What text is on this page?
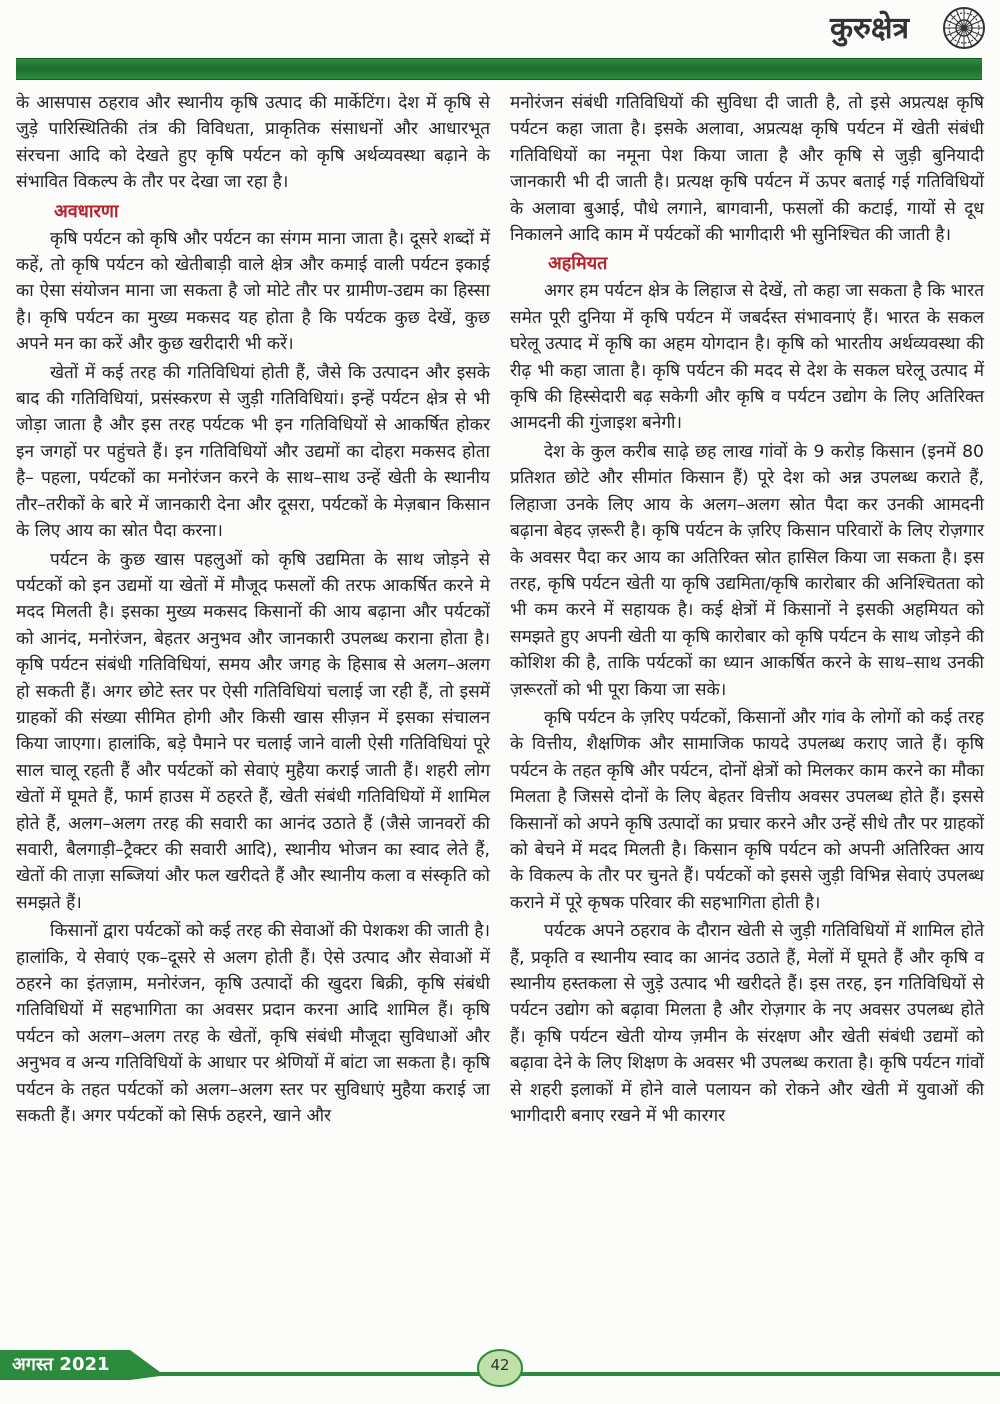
कुरुक्षेत्र

के आसपास ठहराव और स्थानीय कृषि उत्पाद की मार्केटिंग। देश में कृषि से जुड़े पारिस्थितिकी तंत्र की विविधता, प्राकृतिक संसाधनों और आधारभूत संरचना आदि को देखते हुए कृषि पर्यटन को कृषि अर्थव्यवस्था बढ़ाने के संभावित विकल्प के तौर पर देखा जा रहा है।

अवधारणा

कृषि पर्यटन को कृषि और पर्यटन का संगम माना जाता है। दूसरे शब्दों में कहें, तो कृषि पर्यटन को खेतीबाड़ी वाले क्षेत्र और कमाई वाली पर्यटन इकाई का ऐसा संयोजन माना जा सकता है जो मोटे तौर पर ग्रामीण-उद्यम का हिस्सा है। कृषि पर्यटन का मुख्य मकसद यह होता है कि पर्यटक कुछ देखें, कुछ अपने मन का करें और कुछ खरीदारी भी करें।

खेतों में कई तरह की गतिविधियां होती हैं, जैसे कि उत्पादन और इसके बाद की गतिविधियां, प्रसंस्करण से जुड़ी गतिविधियां। इन्हें पर्यटन क्षेत्र से भी जोड़ा जाता है और इस तरह पर्यटक भी इन गतिविधियों से आकर्षित होकर इन जगहों पर पहुंचते हैं। इन गतिविधियों और उद्यमों का दोहरा मकसद होता है– पहला, पर्यटकों का मनोरंजन करने के साथ–साथ उन्हें खेती के स्थानीय तौर–तरीकों के बारे में जानकारी देना और दूसरा, पर्यटकों के मेज़बान किसान के लिए आय का स्रोत पैदा करना।

पर्यटन के कुछ खास पहलुओं को कृषि उद्यमिता के साथ जोड़ने से पर्यटकों को इन उद्यमों या खेतों में मौजूद फसलों की तरफ आकर्षित करने मे मदद मिलती है। इसका मुख्य मकसद किसानों की आय बढ़ाना और पर्यटकों को आनंद, मनोरंजन, बेहतर अनुभव और जानकारी उपलब्ध कराना होता है। कृषि पर्यटन संबंधी गतिविधियां, समय और जगह के हिसाब से अलग–अलग हो सकती हैं। अगर छोटे स्तर पर ऐसी गतिविधियां चलाई जा रही हैं, तो इसमें ग्राहकों की संख्या सीमित होगी और किसी खास सीज़न में इसका संचालन किया जाएगा। हालांकि, बड़े पैमाने पर चलाई जाने वाली ऐसी गतिविधियां पूरे साल चालू रहती हैं और पर्यटकों को सेवाएं मुहैया कराई जाती हैं। शहरी लोग खेतों में घूमते हैं, फार्म हाउस में ठहरते हैं, खेती संबंधी गतिविधियों में शामिल होते हैं, अलग–अलग तरह की सवारी का आनंद उठाते हैं (जैसे जानवरों की सवारी, बैलगाड़ी–ट्रैक्टर की सवारी आदि), स्थानीय भोजन का स्वाद लेते हैं, खेतों की ताज़ा सब्जियां और फल खरीदते हैं और स्थानीय कला व संस्कृति को समझते हैं।

किसानों द्वारा पर्यटकों को कई तरह की सेवाओं की पेशकश की जाती है। हालांकि, ये सेवाएं एक–दूसरे से अलग होती हैं। ऐसे उत्पाद और सेवाओं में ठहरने का इंतज़ाम, मनोरंजन, कृषि उत्पादों की खुदरा बिक्री, कृषि संबंधी गतिविधियों में सहभागिता का अवसर प्रदान करना आदि शामिल हैं। कृषि पर्यटन को अलग–अलग तरह के खेतों, कृषि संबंधी मौजूदा सुविधाओं और अनुभव व अन्य गतिविधियों के आधार पर श्रेणियों में बांटा जा सकता है। कृषि पर्यटन के तहत पर्यटकों को अलग–अलग स्तर पर सुविधाएं मुहैया कराई जा सकती हैं। अगर पर्यटकों को सिर्फ ठहरने, खाने और

मनोरंजन संबंधी गतिविधियों की सुविधा दी जाती है, तो इसे अप्रत्यक्ष कृषि पर्यटन कहा जाता है। इसके अलावा, अप्रत्यक्ष कृषि पर्यटन में खेती संबंधी गतिविधियों का नमूना पेश किया जाता है और कृषि से जुड़ी बुनियादी जानकारी भी दी जाती है। प्रत्यक्ष कृषि पर्यटन में ऊपर बताई गई गतिविधियों के अलावा बुआई, पौधे लगाने, बागवानी, फसलों की कटाई, गायों से दूध निकालने आदि काम में पर्यटकों की भागीदारी भी सुनिश्चित की जाती है।

अहमियत

अगर हम पर्यटन क्षेत्र के लिहाज से देखें, तो कहा जा सकता है कि भारत समेत पूरी दुनिया में कृषि पर्यटन में जबर्दस्त संभावनाएं हैं। भारत के सकल घरेलू उत्पाद में कृषि का अहम योगदान है। कृषि को भारतीय अर्थव्यवस्था की रीढ़ भी कहा जाता है। कृषि पर्यटन की मदद से देश के सकल घरेलू उत्पाद में कृषि की हिस्सेदारी बढ़ सकेगी और कृषि व पर्यटन उद्योग के लिए अतिरिक्त आमदनी की गुंजाइश बनेगी।

देश के कुल करीब साढ़े छह लाख गांवों के 9 करोड़ किसान (इनमें 80 प्रतिशत छोटे और सीमांत किसान हैं) पूरे देश को अन्न उपलब्ध कराते हैं, लिहाजा उनके लिए आय के अलग–अलग स्रोत पैदा कर उनकी आमदनी बढ़ाना बेहद ज़रूरी है। कृषि पर्यटन के ज़रिए किसान परिवारों के लिए रोज़गार के अवसर पैदा कर आय का अतिरिक्त स्रोत हासिल किया जा सकता है। इस तरह, कृषि पर्यटन खेती या कृषि उद्यमिता/कृषि कारोबार की अनिश्चितता को भी कम करने में सहायक है। कई क्षेत्रों में किसानों ने इसकी अहमियत को समझते हुए अपनी खेती या कृषि कारोबार को कृषि पर्यटन के साथ जोड़ने की कोशिश की है, ताकि पर्यटकों का ध्यान आकर्षित करने के साथ–साथ उनकी ज़रूरतों को भी पूरा किया जा सके।

कृषि पर्यटन के ज़रिए पर्यटकों, किसानों और गांव के लोगों को कई तरह के वित्तीय, शैक्षणिक और सामाजिक फायदे उपलब्ध कराए जाते हैं। कृषि पर्यटन के तहत कृषि और पर्यटन, दोनों क्षेत्रों को मिलकर काम करने का मौका मिलता है जिससे दोनों के लिए बेहतर वित्तीय अवसर उपलब्ध होते हैं। इससे किसानों को अपने कृषि उत्पादों का प्रचार करने और उन्हें सीधे तौर पर ग्राहकों को बेचने में मदद मिलती है। किसान कृषि पर्यटन को अपनी अतिरिक्त आय के विकल्प के तौर पर चुनते हैं। पर्यटकों को इससे जुड़ी विभिन्न सेवाएं उपलब्ध कराने में पूरे कृषक परिवार की सहभागिता होती है।

पर्यटक अपने ठहराव के दौरान खेती से जुड़ी गतिविधियों में शामिल होते हैं, प्रकृति व स्थानीय स्वाद का आनंद उठाते हैं, मेलों में घूमते हैं और कृषि व स्थानीय हस्तकला से जुड़े उत्पाद भी खरीदते हैं। इस तरह, इन गतिविधियों से पर्यटन उद्योग को बढ़ावा मिलता है और रोज़गार के नए अवसर उपलब्ध होते हैं। कृषि पर्यटन खेती योग्य ज़मीन के संरक्षण और खेती संबंधी उद्यमों को बढ़ावा देने के लिए शिक्षण के अवसर भी उपलब्ध कराता है। कृषि पर्यटन गांवों से शहरी इलाकों में होने वाले पलायन को रोकने और खेती में युवाओं की भागीदारी बनाए रखने में भी कारगर

अगस्त 2021	42
